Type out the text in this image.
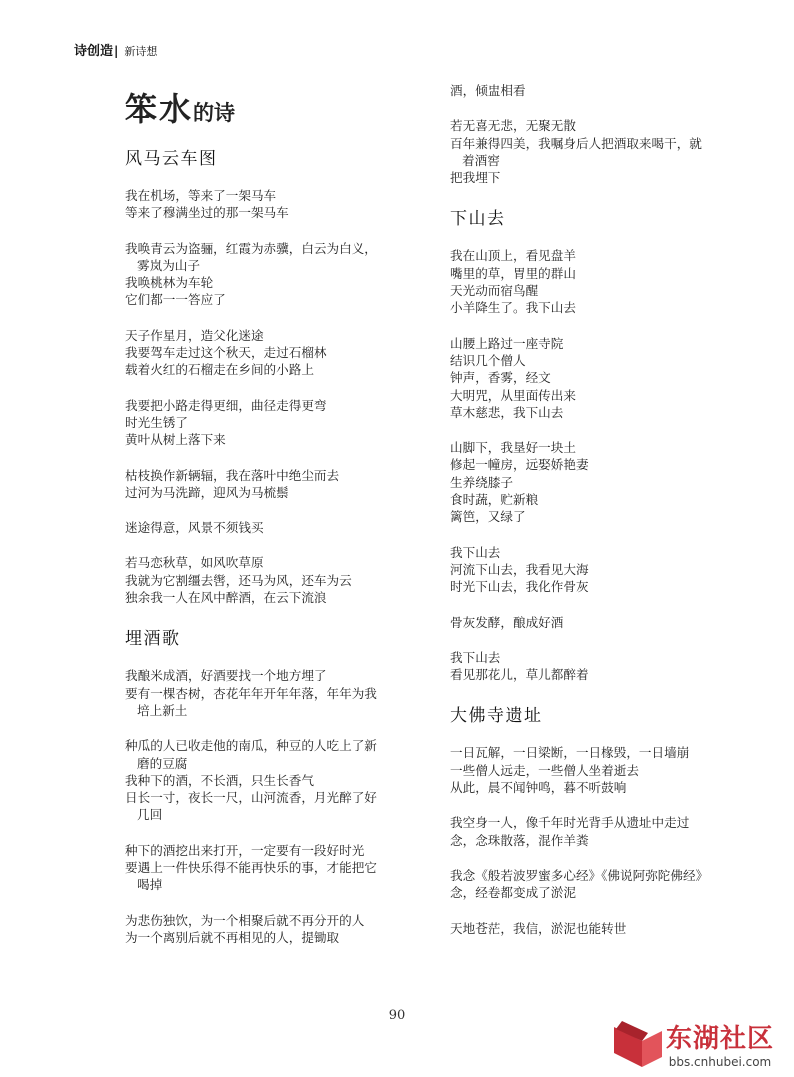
诗创造 | 新诗想
笨水 的诗
风马云车图
我在机场，等来了一架马车
等来了穆满坐过的那一架马车
我唤青云为盗骊，红霞为赤骥，白云为白义，雾岚为山子
我唤桃林为车轮
它们都一一答应了
天子作星月，造父化迷途
我要驾车走过这个秋天，走过石榴林
载着火红的石榴走在乡间的小路上
我要把小路走得更细，曲径走得更弯
时光生锈了
黄叶从树上落下来
枯枝换作新辆辐，我在落叶中绝尘而去
过河为马洗蹄，迎风为马梳鬃
迷途得意，风景不须钱买
若马恋秋草，如风吹草原
我就为它割缰去辔，还马为风，还车为云
独余我一人在风中醉酒，在云下流浪
埋酒歌
我酿米成酒，好酒要找一个地方埋了
要有一棵杏树，杏花年年开年年落，年年为我培上新土
种瓜的人已收走他的南瓜，种豆的人吃上了新磨的豆腐
我种下的酒，不长酒，只生长香气
日长一寸，夜长一尺，山河流香，月光醉了好几回
种下的酒挖出来打开，一定要有一段好时光
要遇上一件快乐得不能再快乐的事，才能把它喝掉
为悲伤独饮，为一个相聚后就不再分开的人
为一个离别后就不再相见的人，提锄取
酒，倾盅相看
若无喜无悲，无聚无散
百年兼得四美，我嘱身后人把酒取来喝干，就着酒窖
把我埋下
下山去
我在山顶上，看见盘羊
嘴里的草，胃里的群山
天光动而宿鸟醒
小羊降生了。我下山去
山腰上路过一座寺院
结识几个僧人
钟声，香雾，经文
大明咒，从里面传出来
草木慈悲，我下山去
山脚下，我垦好一块土
修起一幢房，远娶娇艳妻
生养绕膝子
食时蔬，贮新粮
篱笆，又绿了
我下山去
河流下山去，我看见大海
时光下山去，我化作骨灰
骨灰发酵，酿成好酒
我下山去
看见那花儿，草儿都醉着
大佛寺遗址
一日瓦解，一日梁断，一日椽毁，一日墙崩
一些僧人远走，一些僧人坐着逝去
从此，晨不闻钟鸣，暮不听鼓响
我空身一人，像千年时光背手从遗址中走过
念，念珠散落，混作羊粪
我念《般若波罗蜜多心经》《佛说阿弥陀佛经》
念，经卷都变成了淤泥
天地苍茫，我信，淤泥也能转世
90
东湖社区
bbs.cnhubei.com
